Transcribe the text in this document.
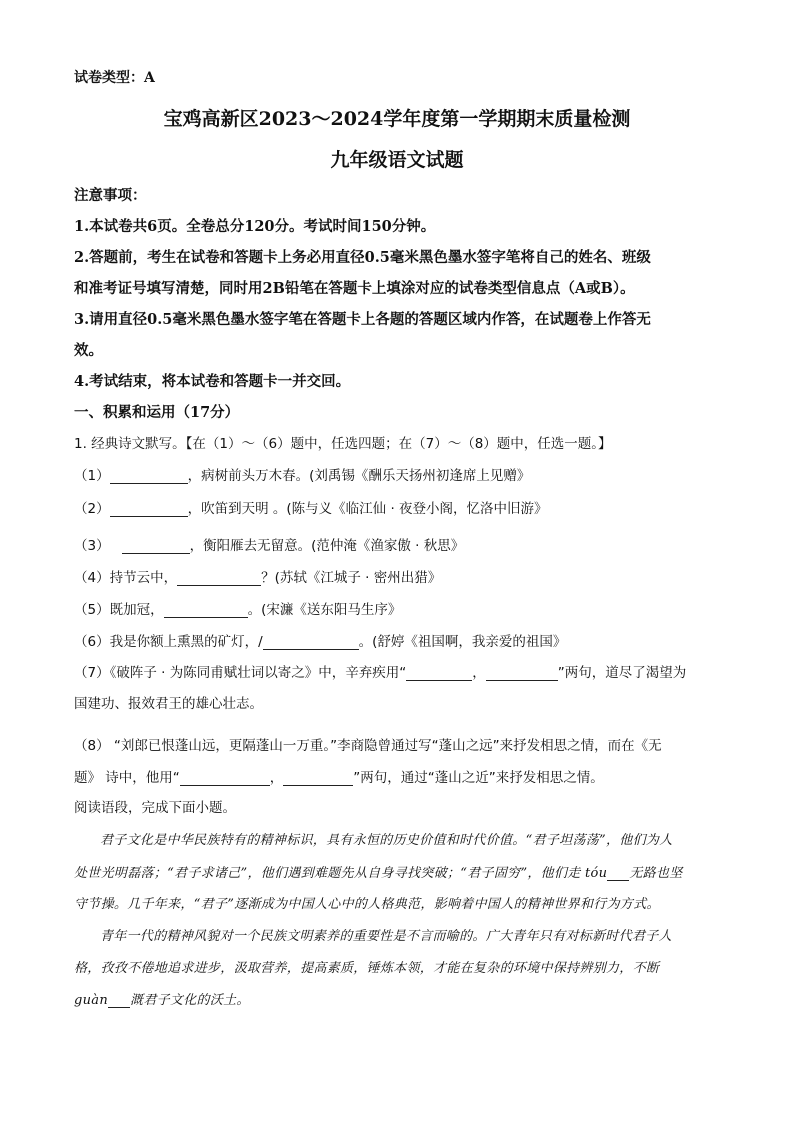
试卷类型：A
宝鸡高新区2023～2024学年度第一学期期末质量检测
九年级语文试题
注意事项：
1.本试卷共6页。全卷总分120分。考试时间150分钟。
2.答题前，考生在试卷和答题卡上务必用直径0.5毫米黑色墨水签字笔将自己的姓名、班级
和准考证号填写清楚，同时用2B铅笔在答题卡上填涂对应的试卷类型信息点（A或B）。
3.请用直径0.5毫米黑色墨水签字笔在答题卡上各题的答题区域内作答，在试题卷上作答无
效。
4.考试结束，将本试卷和答题卡一并交回。
一、积累和运用（17分）
1. 经典诗文默写。【在（1）～（6）题中，任选四题；在（7）～（8）题中，任选一题。】
（1）	，病树前头万木春。(刘禹锡《酬乐天扬州初逢席上见赠》
（2）	，吹笛到天明 。(陈与义《临江仙 · 夜登小阁，忆洛中旧游》
（3）	，衡阳雁去无留意。(范仲淹《渔家傲 · 秋思》
（4）持节云中，	？(苏轼《江城子 · 密州出猎》
（5）既加冠，	。(宋濂《送东阳马生序》
（6）我是你额上熏黑的矿灯，/	。(舒婷《祖国啊，我亲爱的祖国》
（7）《破阵子 · 为陈同甫赋壮词以寄之》中，辛弃疾用“	，	”两句，道尽了渴望为
国建功、报效君王的雄心壮志。
（8） “刘郎已恨蓬山远，更隔蓬山一万重。”李商隐曾通过写“蓬山之远”来抒发相思之情，而在《无
题》 诗中，他用“	，	”两句，通过“蓬山之近”来抒发相思之情。
阅读语段，完成下面小题。
君子文化是中华民族特有的精神标识，具有永恒的历史价值和时代价值。“君子坦荡荡”，他们为人
处世光明磊落；“君子求诸己”，他们遇到难题先从自身寻找突破；“君子固穷”，他们走 tóu 无路也坚
守节操。几千年来，“君子”逐渐成为中国人心中的人格典范，影响着中国人的精神世界和行为方式。
青年一代的精神风貌对一个民族文明素养的重要性是不言而喻的。广大青年只有对标新时代君子人
格，孜孜不倦地追求进步，汲取营养，提高素质，锤炼本领，才能在复杂的环境中保持辨别力，不断
guàn 溉君子文化的沃土。
